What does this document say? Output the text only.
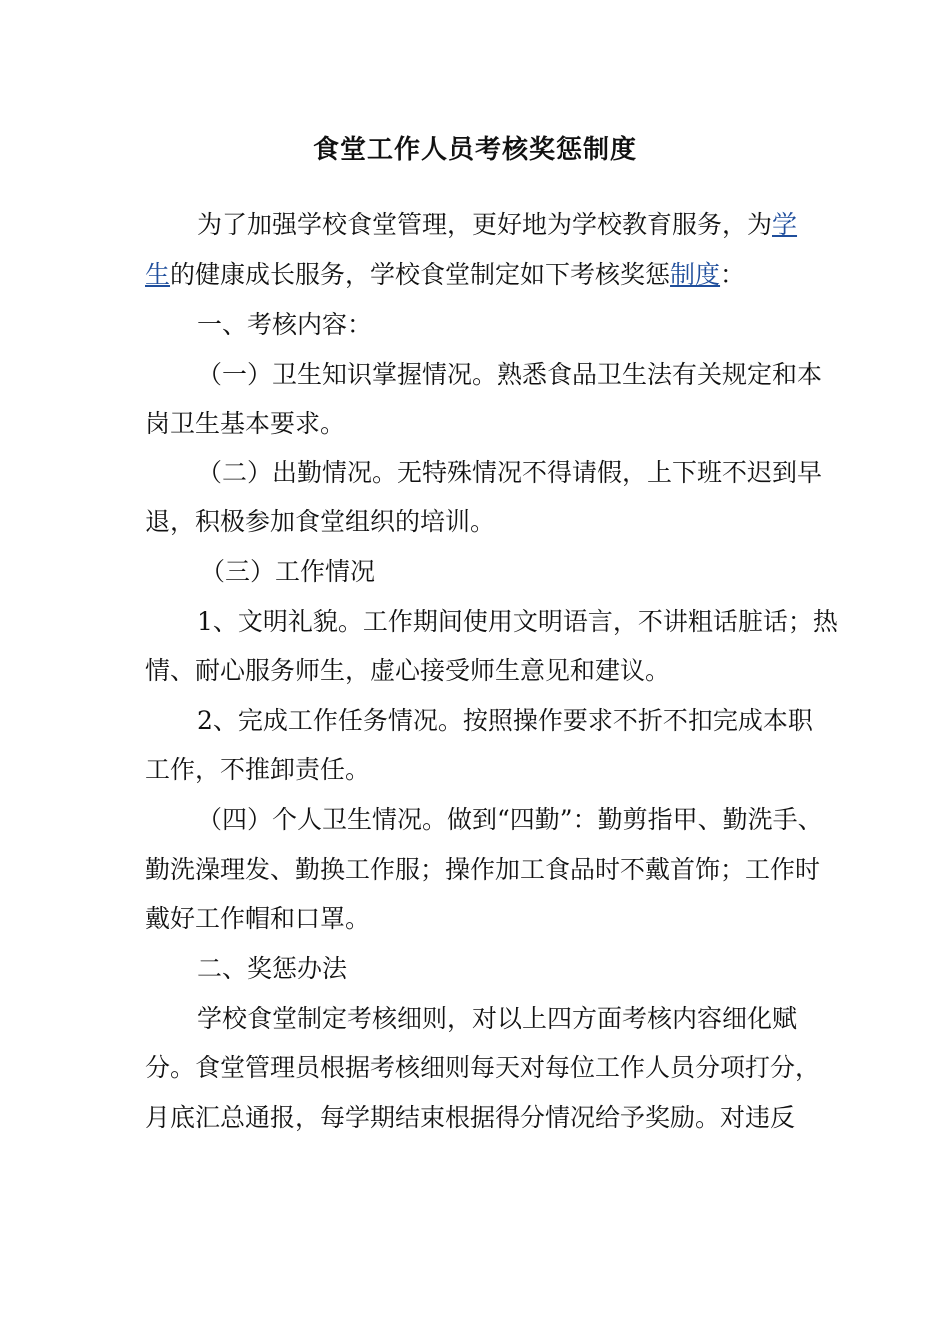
食堂工作人员考核奖惩制度
为了加强学校食堂管理，更好地为学校教育服务，为学
生的健康成长服务，学校食堂制定如下考核奖惩制度：
一、考核内容：
（一）卫生知识掌握情况。熟悉食品卫生法有关规定和本
岗卫生基本要求。
（二）出勤情况。无特殊情况不得请假，上下班不迟到早
退，积极参加食堂组织的培训。
（三）工作情况
1、文明礼貌。工作期间使用文明语言，不讲粗话脏话；热
情、耐心服务师生，虚心接受师生意见和建议。
2、完成工作任务情况。按照操作要求不折不扣完成本职
工作，不推卸责任。
（四）个人卫生情况。做到“四勤”：勤剪指甲、勤洗手、
勤洗澡理发、勤换工作服；操作加工食品时不戴首饰；工作时
戴好工作帽和口罩。
二、奖惩办法
学校食堂制定考核细则，对以上四方面考核内容细化赋
分。食堂管理员根据考核细则每天对每位工作人员分项打分，
月底汇总通报，每学期结束根据得分情况给予奖励。对违反
